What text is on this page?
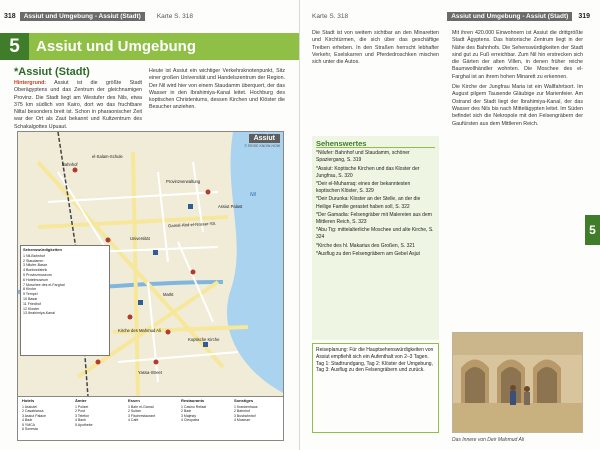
318	Assiut und Umgebung - Assiut (Stadt)	Karte S. 318
5	Assiut und Umgebung
*Assiut (Stadt)
Hintergrund: Assiut ist die größte Stadt Oberägyptens und das Zentrum der gleichnamigen Provinz. Die Stadt liegt am Westufer des Nils, etwa 375 km südlich von Kairo, dort wo das fruchtbare Niltal besonders breit ist. Schon in pharaonischer Zeit war der Ort als Zaut bekannt und Kultzentrum des Schakalgottes Upuaut.
Heute ist Assiut ein wichtiger Verkehrsknotenpunkt, Sitz einer großen Universität und Handelszentrum der Region. Der Nil wird hier von einem Staudamm überquert, der das Wasser in den Ibrahimiya-Kanal leitet. Hochburg des koptischen Christentums, dessen Kirchen und Klöster die Besucher anziehen.
Assiut
© REISE KNOW-HOW
Nil
Bahnhof
el-Salam-Schule
Provinzverwaltung
Assiut Palast
Universität
Markt
Kirche des Mahmud Ali
Koptische Kirche
Yassa-Street
Gamal-Abd-el-Nasser-Str.
Sehenswürdigkeiten
1 Nil-Bahnhof
2 Staudamm
3 Nilufer-Basar
4 Bonbonfabrik
5 Provinzmuseum
6 Hotelmuseum
7 Moschee des el-Farghal
8 Kirche
9 Tempel
10 Basar
11 Friedhof
12 Kloster
13 Ibrahimiya-Kanal
Hotels
1 Assiutel
2 Casablanca
3 Assiut Palace
4 Badr
5 YMCA
6 Sonesta
Ämter
1 Polizei
2 Post
3 Telefon
4 Bank
5 Apotheke
Essen
1 Bahr el-Gamal
2 Sultan
3 Fischrestaurant
4 Café
Restaurants
1 Casino Refaat
2 Badr
3 Majesty
4 Cleopatra
Sonstiges
1 Krankenhaus
2 Bahnhof
3 Busbahnhof
4 Museum
Karte S. 318	Assiut und Umgebung - Assiut (Stadt)	319
Die Stadt ist von weitem sichtbar an den Minaretten und Kirchtürmen, die sich über das geschäftige Treiben erheben. In den Straßen herrscht lebhafter Verkehr, Eselskarren und Pferdedroschken mischen sich unter die Autos.
Sehenswertes
*Nilufer: Bahnhof und Staudamm, schöner Spaziergang, S. 319
*Assiut: Koptische Kirchen und das Kloster der Jungfrau, S. 320
*Deir el-Muharraq: eines der bekanntesten koptischen Klöster, S. 329
*Deir Durunka: Kloster an der Stelle, an der die Heilige Familie gerastet haben soll, S. 322
*Der Gamadia: Felsengräber mit Malereien aus dem Mittleren Reich, S. 323
*Abu Tig: mittelalterliche Moschee und alte Kirche, S. 324
*Kirche des hl. Makarius des Großen, S. 321
*Ausflug zu den Felsengräbern am Gebel Asjut
Reiseplanung: Für die Hauptsehenswürdigkeiten von Assiut empfiehlt sich ein Aufenthalt von 2–3 Tagen. Tag 1: Stadtrundgang, Tag 2: Klöster der Umgebung, Tag 3: Ausflug zu den Felsengräbern und zurück.

Mit ihren 420.000 Einwohnern ist Assiut die drittgrößte Stadt Ägyptens. Das historische Zentrum liegt in der Nähe des Bahnhofs. Die Sehenswürdigkeiten der Stadt sind gut zu Fuß erreichbar. Zum Nil hin erstrecken sich die Gärten der alten Villen, in denen früher reiche Baumwollhändler wohnten. Die Moschee des el-Farghal ist an ihrem hohen Minarett zu erkennen.

Die Kirche der Jungfrau Maria ist ein Wallfahrtsort. Im August pilgern Tausende Gläubige zur Marienfeier. Am Ostrand der Stadt liegt der Ibrahimiya-Kanal, der das Wasser des Nils bis nach Mittelägypten leitet. Im Süden befindet sich die Nekropole mit den Felsengräbern der Gaufürsten aus dem Mittleren Reich.

Das Innere von Deir Mahmud Ali
5
